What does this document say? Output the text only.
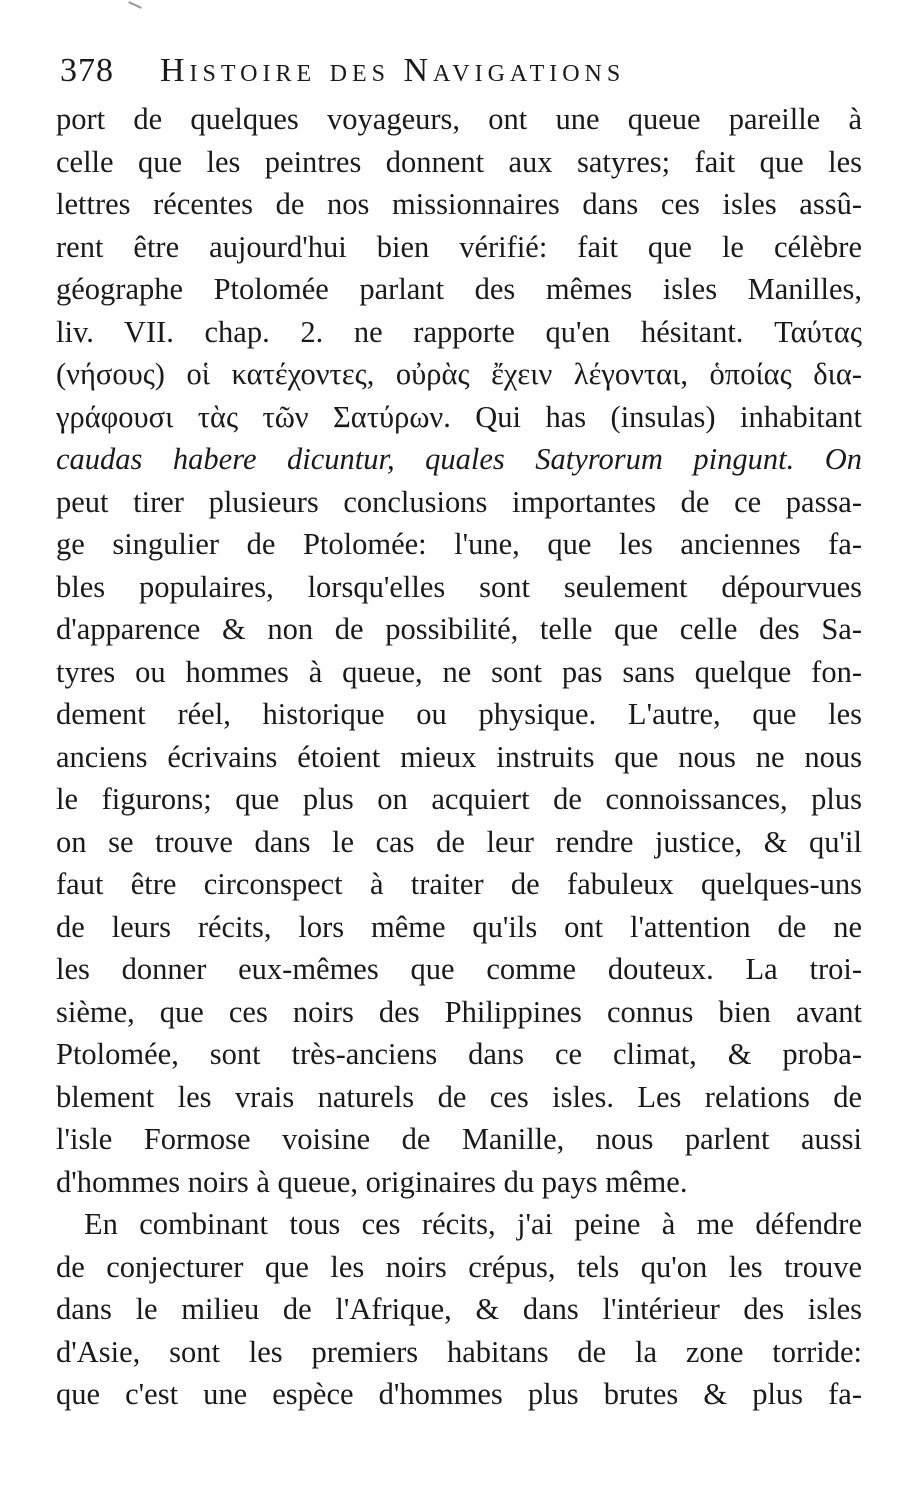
378 Histoire des Navigations
port de quelques voyageurs, ont une queue pareille à
celle que les peintres donnent aux satyres; fait que les
lettres récentes de nos missionnaires dans ces isles assû-
rent être aujourd'hui bien vérifié: fait que le célèbre
géographe Ptolomée parlant des mêmes isles Manilles,
liv. VII. chap. 2. ne rapporte qu'en hésitant. Ταύτας
(νήσους) οἱ κατέχοντες, οὐρὰς ἔχειν λέγονται, ὁποίας δια-
γράφουσι τὰς τῶν Σατύρων. Qui has (insulas) inhabitant
caudas habere dicuntur, quales Satyrorum pingunt. On
peut tirer plusieurs conclusions importantes de ce passa-
ge singulier de Ptolomée: l'une, que les anciennes fa-
bles populaires, lorsqu'elles sont seulement dépourvues
d'apparence & non de possibilité, telle que celle des Sa-
tyres ou hommes à queue, ne sont pas sans quelque fon-
dement réel, historique ou physique. L'autre, que les
anciens écrivains étoient mieux instruits que nous ne nous
le figurons; que plus on acquiert de connoissances, plus
on se trouve dans le cas de leur rendre justice, & qu'il
faut être circonspect à traiter de fabuleux quelques-uns
de leurs récits, lors même qu'ils ont l'attention de ne
les donner eux-mêmes que comme douteux. La troi-
sième, que ces noirs des Philippines connus bien avant
Ptolomée, sont très-anciens dans ce climat, & proba-
blement les vrais naturels de ces isles. Les relations de
l'isle Formose voisine de Manille, nous parlent aussi
d'hommes noirs à queue, originaires du pays même.
En combinant tous ces récits, j'ai peine à me défendre
de conjecturer que les noirs crépus, tels qu'on les trouve
dans le milieu de l'Afrique, & dans l'intérieur des isles
d'Asie, sont les premiers habitans de la zone torride:
que c'est une espèce d'hommes plus brutes & plus fa-
